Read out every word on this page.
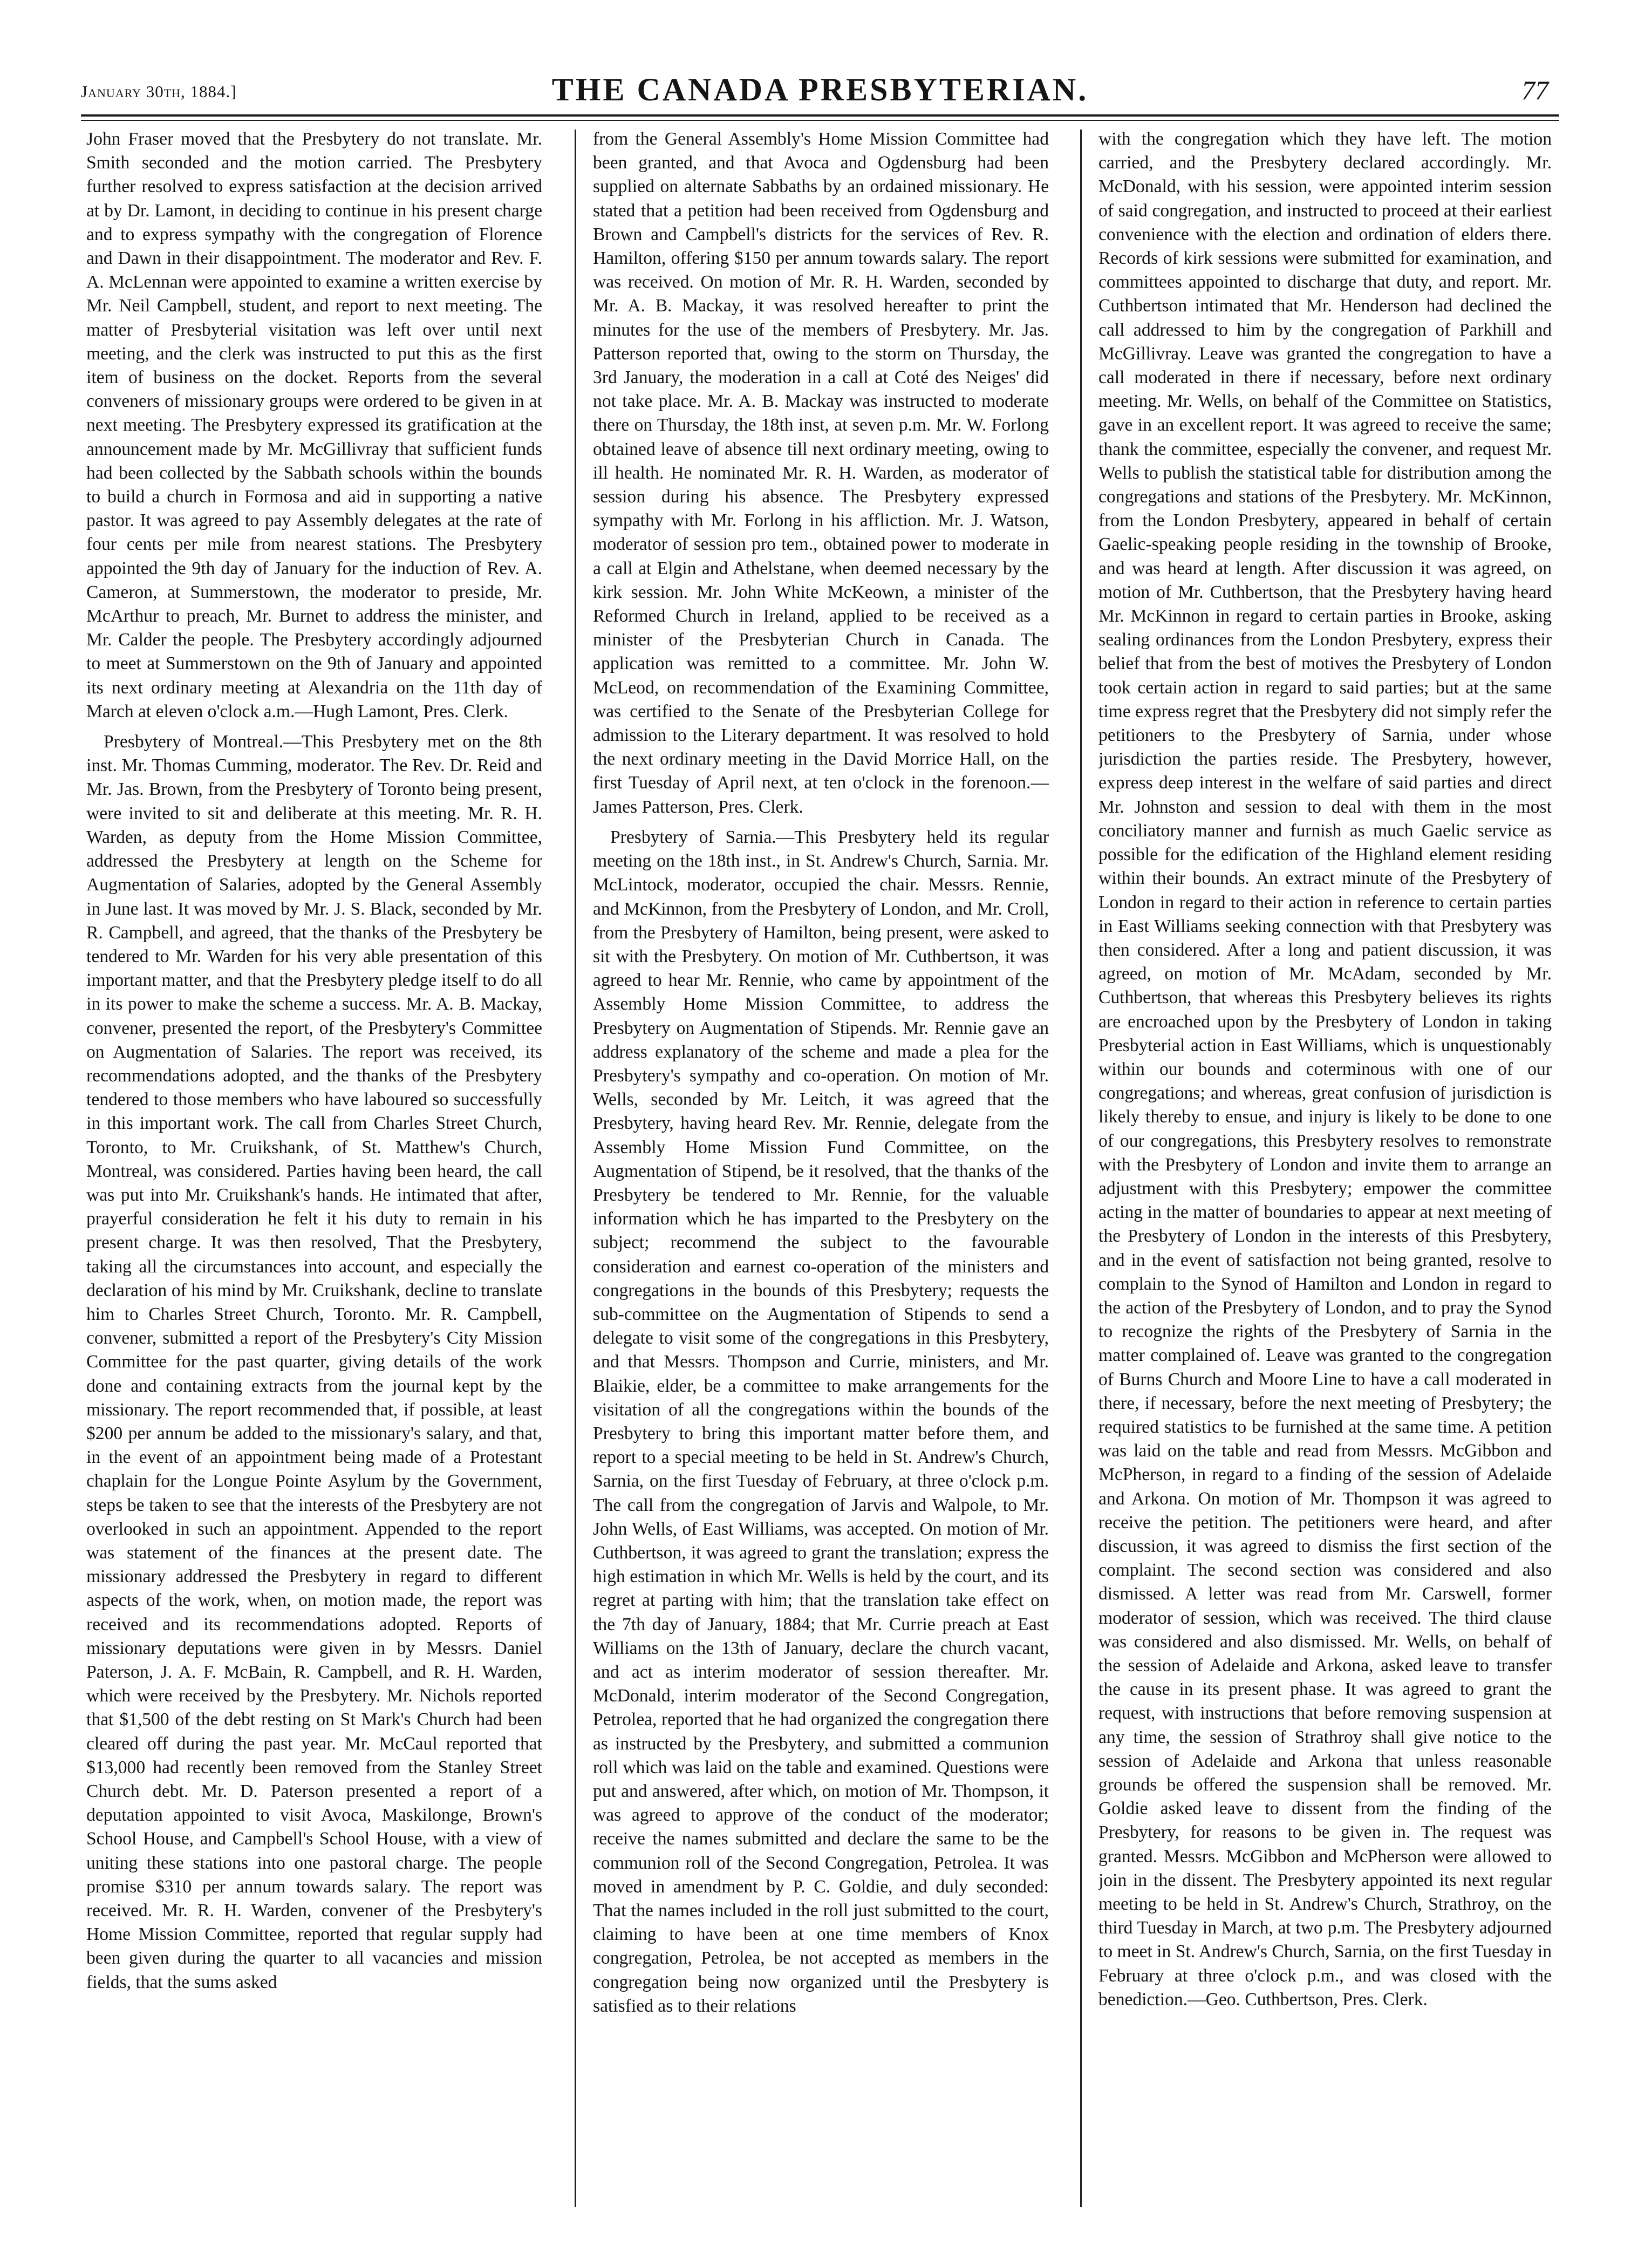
January 30th, 1884.]	THE CANADA PRESBYTERIAN.	77

John Fraser moved that the Presbytery do not translate. Mr. Smith seconded and the motion carried. The Presbytery further resolved to express satisfaction at the decision arrived at by Dr. Lamont, in deciding to continue in his present charge and to express sympathy with the congregation of Florence and Dawn in their disappointment. The moderator and Rev. F. A. McLennan were appointed to examine a written exercise by Mr. Neil Campbell, student, and report to next meeting. The matter of Presbyterial visitation was left over until next meeting, and the clerk was instructed to put this as the first item of business on the docket. Reports from the several conveners of missionary groups were ordered to be given in at next meeting. The Presbytery expressed its gratification at the announcement made by Mr. McGillivray that sufficient funds had been collected by the Sabbath schools within the bounds to build a church in Formosa and aid in supporting a native pastor. It was agreed to pay Assembly delegates at the rate of four cents per mile from nearest stations. The Presbytery appointed the 9th day of January for the induction of Rev. A. Cameron, at Summerstown, the moderator to preside, Mr. McArthur to preach, Mr. Burnet to address the minister, and Mr. Calder the people. The Presbytery accordingly adjourned to meet at Summerstown on the 9th of January and appointed its next ordinary meeting at Alexandria on the 11th day of March at eleven o'clock a.m.—Hugh Lamont, Pres. Clerk.

Presbytery of Montreal.—This Presbytery met on the 8th inst. Mr. Thomas Cumming, moderator. The Rev. Dr. Reid and Mr. Jas. Brown, from the Presbytery of Toronto being present, were invited to sit and deliberate at this meeting. Mr. R. H. Warden, as deputy from the Home Mission Committee, addressed the Presbytery at length on the Scheme for Augmentation of Salaries, adopted by the General Assembly in June last. It was moved by Mr. J. S. Black, seconded by Mr. R. Campbell, and agreed, that the thanks of the Presbytery be tendered to Mr. Warden for his very able presentation of this important matter, and that the Presbytery pledge itself to do all in its power to make the scheme a success. Mr. A. B. Mackay, convener, presented the report, of the Presbytery's Committee on Augmentation of Salaries. The report was received, its recommendations adopted, and the thanks of the Presbytery tendered to those members who have laboured so successfully in this important work. The call from Charles Street Church, Toronto, to Mr. Cruikshank, of St. Matthew's Church, Montreal, was considered. Parties having been heard, the call was put into Mr. Cruikshank's hands. He intimated that after, prayerful consideration he felt it his duty to remain in his present charge. It was then resolved, That the Presbytery, taking all the circumstances into account, and especially the declaration of his mind by Mr. Cruikshank, decline to translate him to Charles Street Church, Toronto. Mr. R. Campbell, convener, submitted a report of the Presbytery's City Mission Committee for the past quarter, giving details of the work done and containing extracts from the journal kept by the missionary. The report recommended that, if possible, at least $200 per annum be added to the missionary's salary, and that, in the event of an appointment being made of a Protestant chaplain for the Longue Pointe Asylum by the Government, steps be taken to see that the interests of the Presbytery are not overlooked in such an appointment. Appended to the report was statement of the finances at the present date. The missionary addressed the Presbytery in regard to different aspects of the work, when, on motion made, the report was received and its recommendations adopted. Reports of missionary deputations were given in by Messrs. Daniel Paterson, J. A. F. McBain, R. Campbell, and R. H. Warden, which were received by the Presbytery. Mr. Nichols reported that $1,500 of the debt resting on St Mark's Church had been cleared off during the past year. Mr. McCaul reported that $13,000 had recently been removed from the Stanley Street Church debt. Mr. D. Paterson presented a report of a deputation appointed to visit Avoca, Maskilonge, Brown's School House, and Campbell's School House, with a view of uniting these stations into one pastoral charge. The people promise $310 per annum towards salary. The report was received. Mr. R. H. Warden, convener of the Presbytery's Home Mission Committee, reported that regular supply had been given during the quarter to all vacancies and mission fields, that the sums asked

from the General Assembly's Home Mission Committee had been granted, and that Avoca and Ogdensburg had been supplied on alternate Sabbaths by an ordained missionary. He stated that a petition had been received from Ogdensburg and Brown and Campbell's districts for the services of Rev. R. Hamilton, offering $150 per annum towards salary. The report was received. On motion of Mr. R. H. Warden, seconded by Mr. A. B. Mackay, it was resolved hereafter to print the minutes for the use of the members of Presbytery. Mr. Jas. Patterson reported that, owing to the storm on Thursday, the 3rd January, the moderation in a call at Coté des Neiges' did not take place. Mr. A. B. Mackay was instructed to moderate there on Thursday, the 18th inst, at seven p.m. Mr. W. Forlong obtained leave of absence till next ordinary meeting, owing to ill health. He nominated Mr. R. H. Warden, as moderator of session during his absence. The Presbytery expressed sympathy with Mr. Forlong in his affliction. Mr. J. Watson, moderator of session pro tem., obtained power to moderate in a call at Elgin and Athelstane, when deemed necessary by the kirk session. Mr. John White McKeown, a minister of the Reformed Church in Ireland, applied to be received as a minister of the Presbyterian Church in Canada. The application was remitted to a committee. Mr. John W. McLeod, on recommendation of the Examining Committee, was certified to the Senate of the Presbyterian College for admission to the Literary department. It was resolved to hold the next ordinary meeting in the David Morrice Hall, on the first Tuesday of April next, at ten o'clock in the forenoon.—James Patterson, Pres. Clerk.

Presbytery of Sarnia.—This Presbytery held its regular meeting on the 18th inst., in St. Andrew's Church, Sarnia. Mr. McLintock, moderator, occupied the chair. Messrs. Rennie, and McKinnon, from the Presbytery of London, and Mr. Croll, from the Presbytery of Hamilton, being present, were asked to sit with the Presbytery. On motion of Mr. Cuthbertson, it was agreed to hear Mr. Rennie, who came by appointment of the Assembly Home Mission Committee, to address the Presbytery on Augmentation of Stipends. Mr. Rennie gave an address explanatory of the scheme and made a plea for the Presbytery's sympathy and co-operation. On motion of Mr. Wells, seconded by Mr. Leitch, it was agreed that the Presbytery, having heard Rev. Mr. Rennie, delegate from the Assembly Home Mission Fund Committee, on the Augmentation of Stipend, be it resolved, that the thanks of the Presbytery be tendered to Mr. Rennie, for the valuable information which he has imparted to the Presbytery on the subject; recommend the subject to the favourable consideration and earnest co-operation of the ministers and congregations in the bounds of this Presbytery; requests the sub-committee on the Augmentation of Stipends to send a delegate to visit some of the congregations in this Presbytery, and that Messrs. Thompson and Currie, ministers, and Mr. Blaikie, elder, be a committee to make arrangements for the visitation of all the congregations within the bounds of the Presbytery to bring this important matter before them, and report to a special meeting to be held in St. Andrew's Church, Sarnia, on the first Tuesday of February, at three o'clock p.m. The call from the congregation of Jarvis and Walpole, to Mr. John Wells, of East Williams, was accepted. On motion of Mr. Cuthbertson, it was agreed to grant the translation; express the high estimation in which Mr. Wells is held by the court, and its regret at parting with him; that the translation take effect on the 7th day of January, 1884; that Mr. Currie preach at East Williams on the 13th of January, declare the church vacant, and act as interim moderator of session thereafter. Mr. McDonald, interim moderator of the Second Congregation, Petrolea, reported that he had organized the congregation there as instructed by the Presbytery, and submitted a communion roll which was laid on the table and examined. Questions were put and answered, after which, on motion of Mr. Thompson, it was agreed to approve of the conduct of the moderator; receive the names submitted and declare the same to be the communion roll of the Second Congregation, Petrolea. It was moved in amendment by P. C. Goldie, and duly seconded: That the names included in the roll just submitted to the court, claiming to have been at one time members of Knox congregation, Petrolea, be not accepted as members in the congregation being now organized until the Presbytery is satisfied as to their relations

with the congregation which they have left. The motion carried, and the Presbytery declared accordingly. Mr. McDonald, with his session, were appointed interim session of said congregation, and instructed to proceed at their earliest convenience with the election and ordination of elders there. Records of kirk sessions were submitted for examination, and committees appointed to discharge that duty, and report. Mr. Cuthbertson intimated that Mr. Henderson had declined the call addressed to him by the congregation of Parkhill and McGillivray. Leave was granted the congregation to have a call moderated in there if necessary, before next ordinary meeting. Mr. Wells, on behalf of the Committee on Statistics, gave in an excellent report. It was agreed to receive the same; thank the committee, especially the convener, and request Mr. Wells to publish the statistical table for distribution among the congregations and stations of the Presbytery. Mr. McKinnon, from the London Presbytery, appeared in behalf of certain Gaelic-speaking people residing in the township of Brooke, and was heard at length. After discussion it was agreed, on motion of Mr. Cuthbertson, that the Presbytery having heard Mr. McKinnon in regard to certain parties in Brooke, asking sealing ordinances from the London Presbytery, express their belief that from the best of motives the Presbytery of London took certain action in regard to said parties; but at the same time express regret that the Presbytery did not simply refer the petitioners to the Presbytery of Sarnia, under whose jurisdiction the parties reside. The Presbytery, however, express deep interest in the welfare of said parties and direct Mr. Johnston and session to deal with them in the most conciliatory manner and furnish as much Gaelic service as possible for the edification of the Highland element residing within their bounds. An extract minute of the Presbytery of London in regard to their action in reference to certain parties in East Williams seeking connection with that Presbytery was then considered. After a long and patient discussion, it was agreed, on motion of Mr. McAdam, seconded by Mr. Cuthbertson, that whereas this Presbytery believes its rights are encroached upon by the Presbytery of London in taking Presbyterial action in East Williams, which is unquestionably within our bounds and coterminous with one of our congregations; and whereas, great confusion of jurisdiction is likely thereby to ensue, and injury is likely to be done to one of our congregations, this Presbytery resolves to remonstrate with the Presbytery of London and invite them to arrange an adjustment with this Presbytery; empower the committee acting in the matter of boundaries to appear at next meeting of the Presbytery of London in the interests of this Presbytery, and in the event of satisfaction not being granted, resolve to complain to the Synod of Hamilton and London in regard to the action of the Presbytery of London, and to pray the Synod to recognize the rights of the Presbytery of Sarnia in the matter complained of. Leave was granted to the congregation of Burns Church and Moore Line to have a call moderated in there, if necessary, before the next meeting of Presbytery; the required statistics to be furnished at the same time. A petition was laid on the table and read from Messrs. McGibbon and McPherson, in regard to a finding of the session of Adelaide and Arkona. On motion of Mr. Thompson it was agreed to receive the petition. The petitioners were heard, and after discussion, it was agreed to dismiss the first section of the complaint. The second section was considered and also dismissed. A letter was read from Mr. Carswell, former moderator of session, which was received. The third clause was considered and also dismissed. Mr. Wells, on behalf of the session of Adelaide and Arkona, asked leave to transfer the cause in its present phase. It was agreed to grant the request, with instructions that before removing suspension at any time, the session of Strathroy shall give notice to the session of Adelaide and Arkona that unless reasonable grounds be offered the suspension shall be removed. Mr. Goldie asked leave to dissent from the finding of the Presbytery, for reasons to be given in. The request was granted. Messrs. McGibbon and McPherson were allowed to join in the dissent. The Presbytery appointed its next regular meeting to be held in St. Andrew's Church, Strathroy, on the third Tuesday in March, at two p.m. The Presbytery adjourned to meet in St. Andrew's Church, Sarnia, on the first Tuesday in February at three o'clock p.m., and was closed with the benediction.—Geo. Cuthbertson, Pres. Clerk.
